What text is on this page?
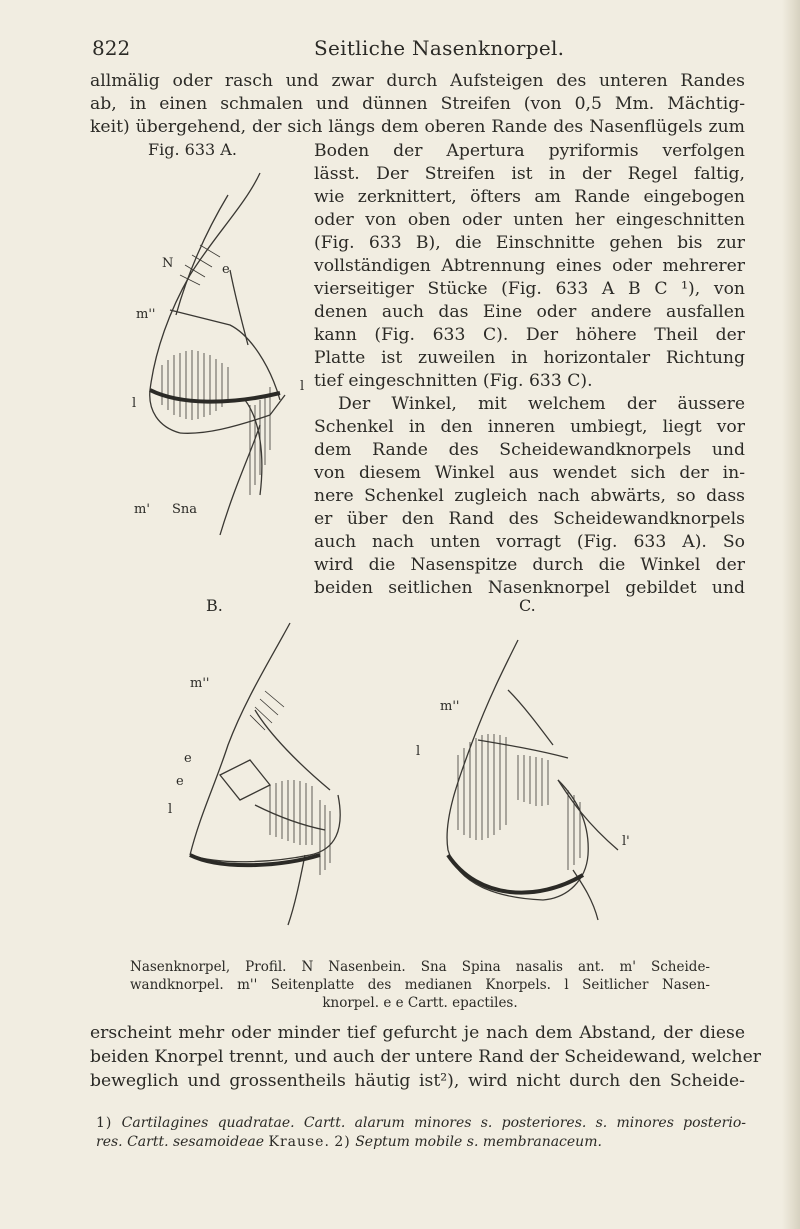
822	Seitliche Nasenknorpel.
allmälig oder rasch und zwar durch Aufsteigen des unteren Randes
ab, in einen schmalen und dünnen Streifen (von 0,5 Mm. Mächtig-
keit) übergehend, der sich längs dem oberen Rande des Nasenflügels zum
Boden der Apertura pyriformis verfolgen
lässt. Der Streifen ist in der Regel faltig,
wie zerknittert, öfters am Rande eingebogen
oder von oben oder unten her eingeschnitten
(Fig. 633 B), die Einschnitte gehen bis zur
vollständigen Abtrennung eines oder mehrerer
vierseitiger Stücke (Fig. 633 A B C ¹), von
denen auch das Eine oder andere ausfallen
kann (Fig. 633 C). Der höhere Theil der
Platte ist zuweilen in horizontaler Richtung
tief eingeschnitten (Fig. 633 C).
Der Winkel, mit welchem der äussere
Schenkel in den inneren umbiegt, liegt vor
dem Rande des Scheidewandknorpels und
von diesem Winkel aus wendet sich der in-
nere Schenkel zugleich nach abwärts, so dass
er über den Rand des Scheidewandknorpels
auch nach unten vorragt (Fig. 633 A). So
wird die Nasenspitze durch die Winkel der
beiden seitlichen Nasenknorpel gebildet und
Fig. 633 A.
N	e
m''
l
m' Sna
l
B.	C.
m''
e
e
l
m''
l
l'
Nasenknorpel, Profil. N Nasenbein. Sna Spina nasalis ant. m' Scheide-
wandknorpel. m'' Seitenplatte des medianen Knorpels. l Seitlicher Nasen-
knorpel. e e Cartt. epactiles.
erscheint mehr oder minder tief gefurcht je nach dem Abstand, der diese
beiden Knorpel trennt, und auch der untere Rand der Scheidewand, welcher
beweglich und grossentheils häutig ist²), wird nicht durch den Scheide-
1) Cartilagines quadratae. Cartt. alarum minores s. posteriores. s. minores posterio-
res. Cartt. sesamoideae Krause. 2) Septum mobile s. membranaceum.
